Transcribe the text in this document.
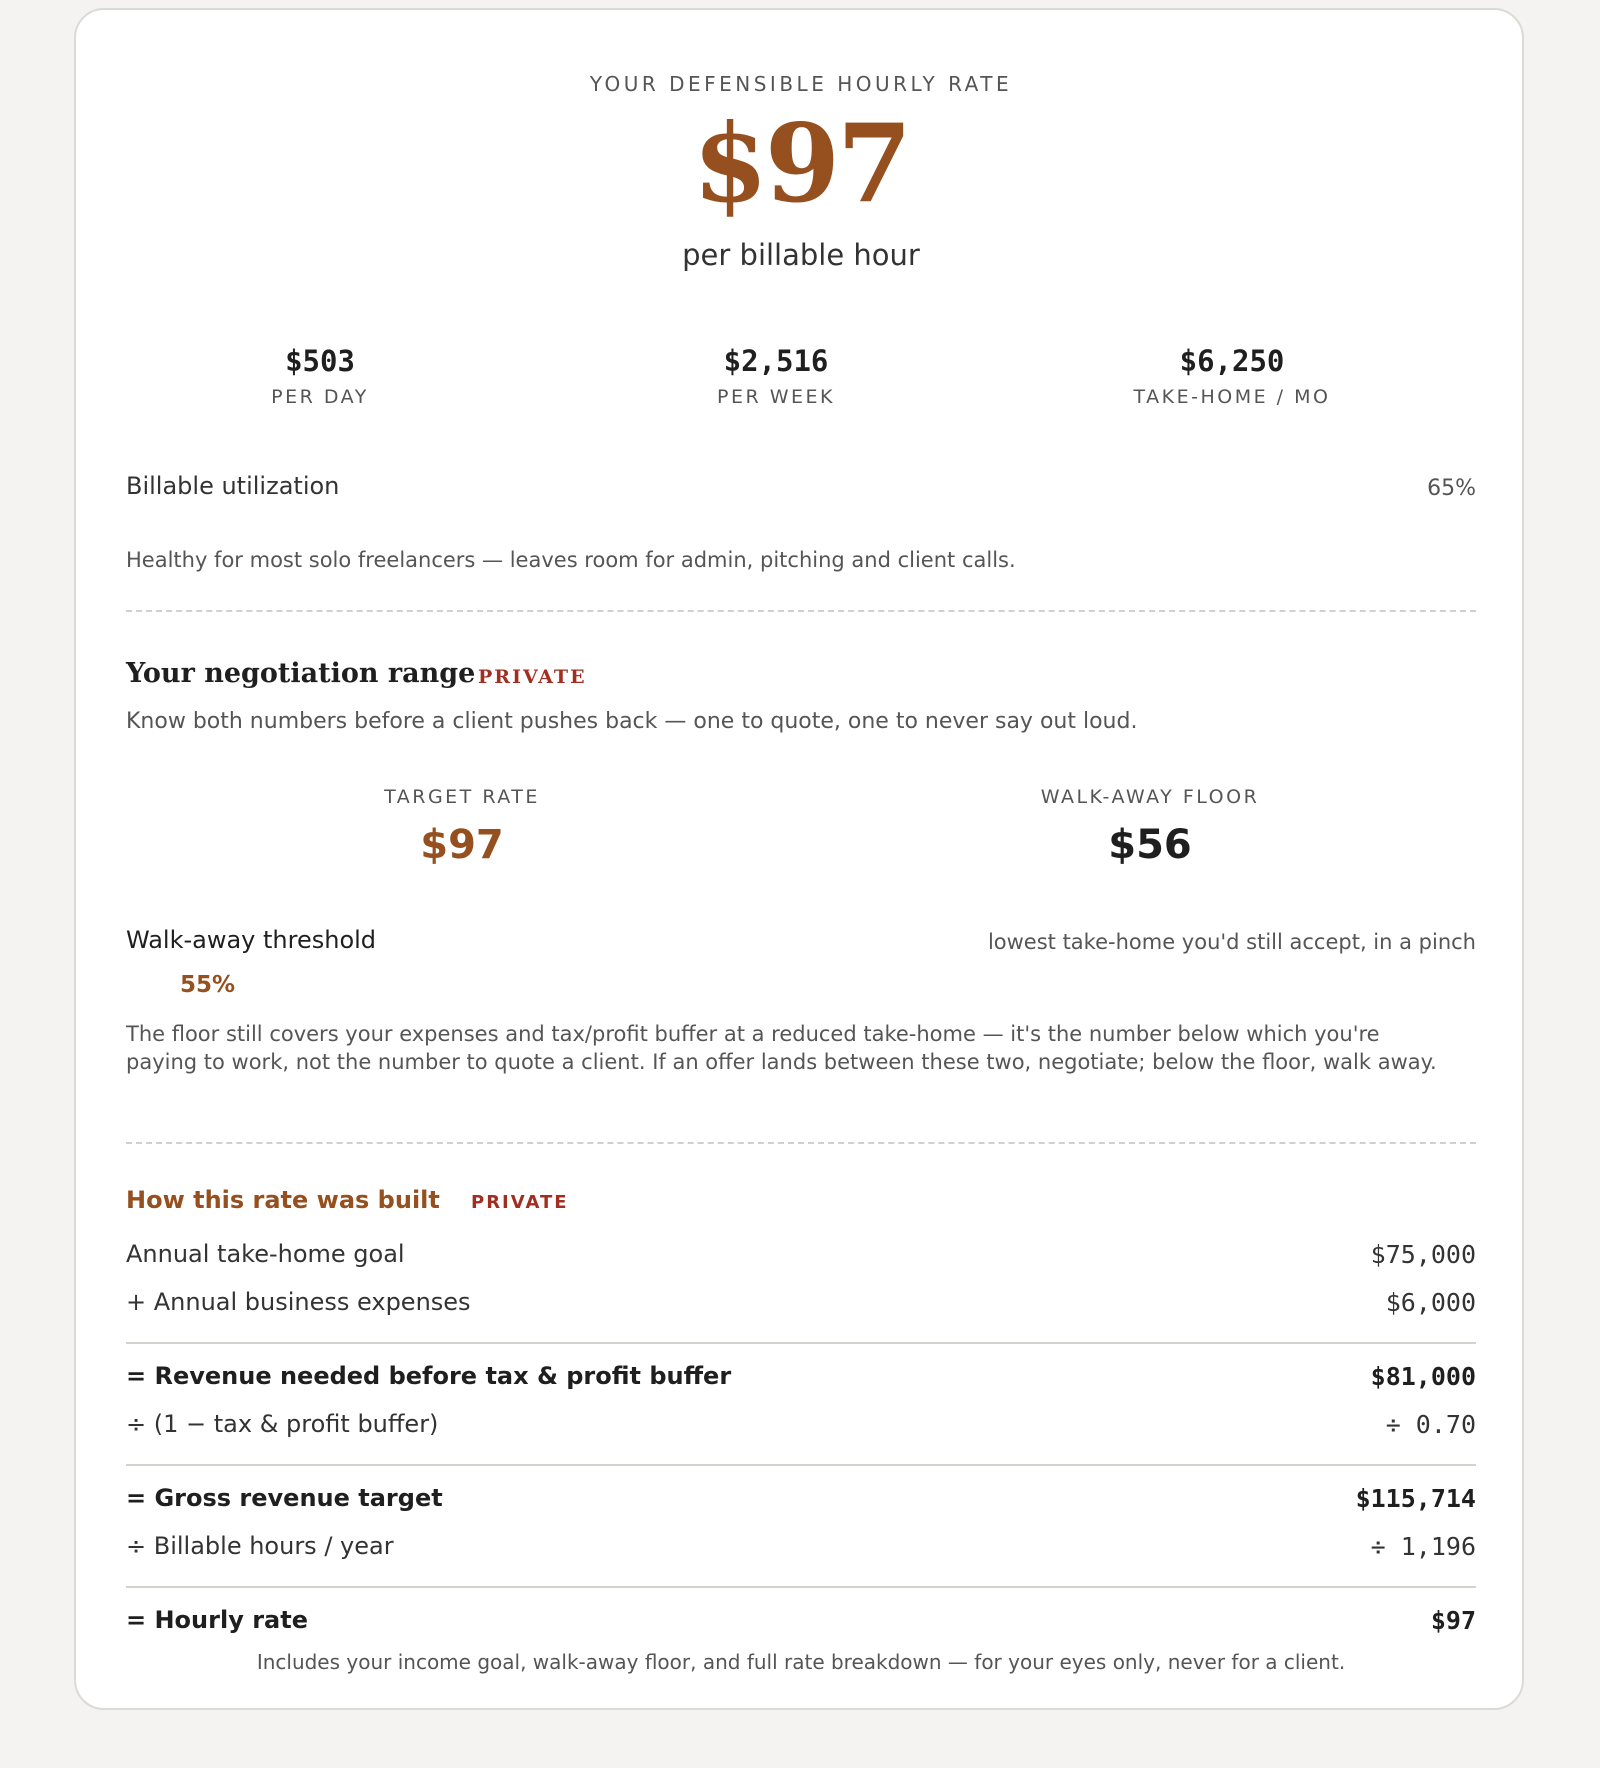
YOUR DEFENSIBLE HOURLY RATE
$97
per billable hour
$503
PER DAY
$2,516
PER WEEK
$6,250
TAKE-HOME / MO
Billable utilization	65%
Healthy for most solo freelancers — leaves room for admin, pitching and client calls.
Your negotiation range PRIVATE
Know both numbers before a client pushes back — one to quote, one to never say out loud.
TARGET RATE
$97
WALK-AWAY FLOOR
$56
Walk-away threshold	lowest take-home you'd still accept, in a pinch
55%
The floor still covers your expenses and tax/profit buffer at a reduced take-home — it's the number below which you're paying to work, not the number to quote a client. If an offer lands between these two, negotiate; below the floor, walk away.
How this rate was built PRIVATE
Annual take-home goal	$75,000
+ Annual business expenses	$6,000
= Revenue needed before tax & profit buffer	$81,000
÷ (1 − tax & profit buffer)	÷ 0.70
= Gross revenue target	$115,714
÷ Billable hours / year	÷ 1,196
= Hourly rate	$97
Includes your income goal, walk-away floor, and full rate breakdown — for your eyes only, never for a client.
